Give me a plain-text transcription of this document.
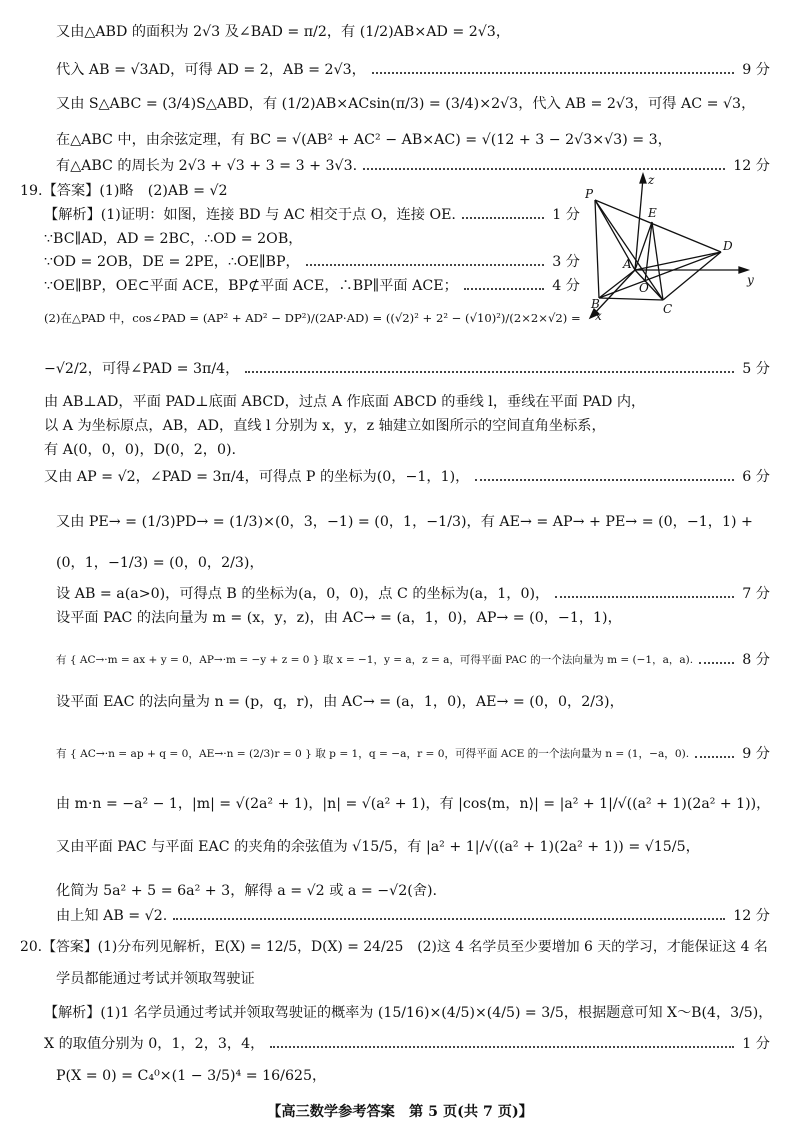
P
E
A
O
D
B	C
x
y
z
又由△ABD 的面积为 2√3 及∠BAD = π/2，有 (1/2)AB×AD = 2√3，
代入 AB = √3AD，可得 AD = 2，AB = 2√3，	9 分
又由 S△ABC = (3/4)S△ABD，有 (1/2)AB×ACsin(π/3) = (3/4)×2√3，代入 AB = 2√3，可得 AC = √3，
在△ABC 中，由余弦定理，有 BC = √(AB² + AC² − AB×AC) = √(12 + 3 − 2√3×√3) = 3，
有△ABC 的周长为 2√3 + √3 + 3 = 3 + 3√3.	12 分
19.【答案】(1)略　(2)AB = √2
【解析】(1)证明：如图，连接 BD 与 AC 相交于点 O，连接 OE.	1 分
∵BC∥AD，AD = 2BC，∴OD = 2OB，
∵OD = 2OB，DE = 2PE，∴OE∥BP，	3 分
∵OE∥BP，OE⊂平面 ACE，BP⊄平面 ACE，∴BP∥平面 ACE；	4 分
(2)在△PAD 中，cos∠PAD = (AP² + AD² − DP²)/(2AP·AD) = ((√2)² + 2² − (√10)²)/(2×2×√2) =
−√2/2，可得∠PAD = 3π/4，	5 分
由 AB⊥AD，平面 PAD⊥底面 ABCD，过点 A 作底面 ABCD 的垂线 l，垂线在平面 PAD 内，
以 A 为坐标原点，AB，AD，直线 l 分别为 x，y，z 轴建立如图所示的空间直角坐标系，
有 A(0，0，0)，D(0，2，0).
又由 AP = √2，∠PAD = 3π/4，可得点 P 的坐标为(0，−1，1)，	6 分
又由 PE→ = (1/3)PD→ = (1/3)×(0，3，−1) = (0，1，−1/3)，有 AE→ = AP→ + PE→ = (0，−1，1) +
(0，1，−1/3) = (0，0，2/3)，
设 AB = a(a>0)，可得点 B 的坐标为(a，0，0)，点 C 的坐标为(a，1，0)，	7 分
设平面 PAC 的法向量为 m = (x，y，z)，由 AC→ = (a，1，0)，AP→ = (0，−1，1)，
有 { AC→·m = ax + y = 0，AP→·m = −y + z = 0 } 取 x = −1，y = a，z = a，可得平面 PAC 的一个法向量为 m = (−1，a，a).	8 分
设平面 EAC 的法向量为 n = (p，q，r)，由 AC→ = (a，1，0)，AE→ = (0，0，2/3)，
有 { AC→·n = ap + q = 0，AE→·n = (2/3)r = 0 } 取 p = 1，q = −a，r = 0，可得平面 ACE 的一个法向量为 n = (1，−a，0).	9 分
由 m·n = −a² − 1，|m| = √(2a² + 1)，|n| = √(a² + 1)，有 |cos⟨m，n⟩| = |a² + 1|/√((a² + 1)(2a² + 1))，
又由平面 PAC 与平面 EAC 的夹角的余弦值为 √15/5，有 |a² + 1|/√((a² + 1)(2a² + 1)) = √15/5，
化简为 5a² + 5 = 6a² + 3，解得 a = √2 或 a = −√2(舍).
由上知 AB = √2.	12 分
20.【答案】(1)分布列见解析，E(X) = 12/5，D(X) = 24/25　(2)这 4 名学员至少要增加 6 天的学习，才能保证这 4 名
学员都能通过考试并领取驾驶证
【解析】(1)1 名学员通过考试并领取驾驶证的概率为 (15/16)×(4/5)×(4/5) = 3/5，根据题意可知 X～B(4，3/5)，
X 的取值分别为 0，1，2，3，4，	1 分
P(X = 0) = C₄⁰×(1 − 3/5)⁴ = 16/625，
【高三数学参考答案　第 5 页(共 7 页)】
